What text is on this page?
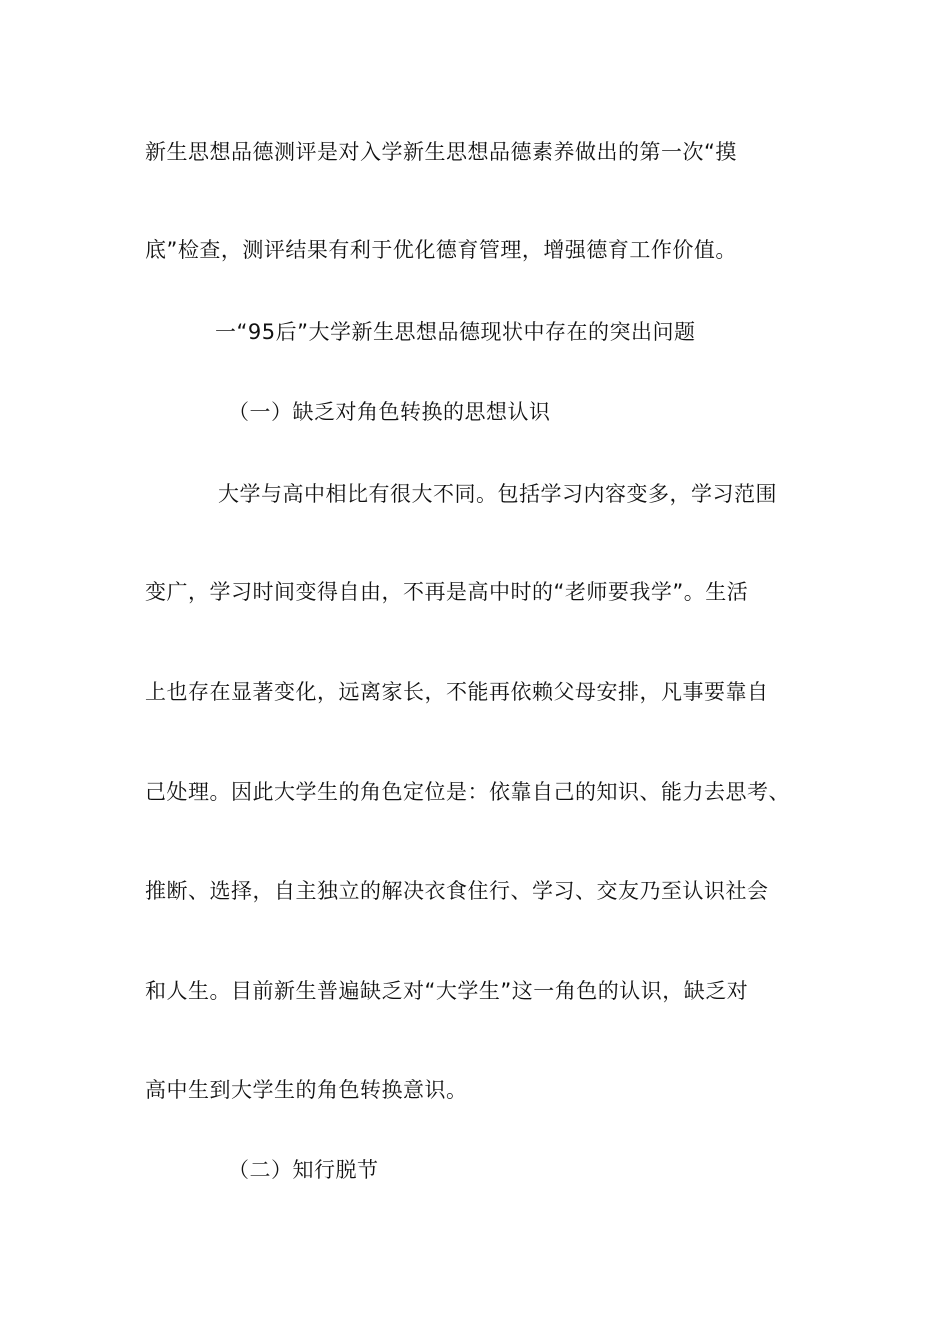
新生思想品德测评是对入学新生思想品德素养做出的第一次“摸
底”检查，测评结果有利于优化德育管理，增强德育工作价值。
一“95后”大学新生思想品德现状中存在的突出问题
（一）缺乏对角色转换的思想认识
大学与高中相比有很大不同。包括学习内容变多，学习范围
变广，学习时间变得自由，不再是高中时的“老师要我学”。生活
上也存在显著变化，远离家长，不能再依赖父母安排，凡事要靠自
己处理。因此大学生的角色定位是：依靠自己的知识、能力去思考、
推断、选择，自主独立的解决衣食住行、学习、交友乃至认识社会
和人生。目前新生普遍缺乏对“大学生”这一角色的认识，缺乏对
高中生到大学生的角色转换意识。
（二）知行脱节
